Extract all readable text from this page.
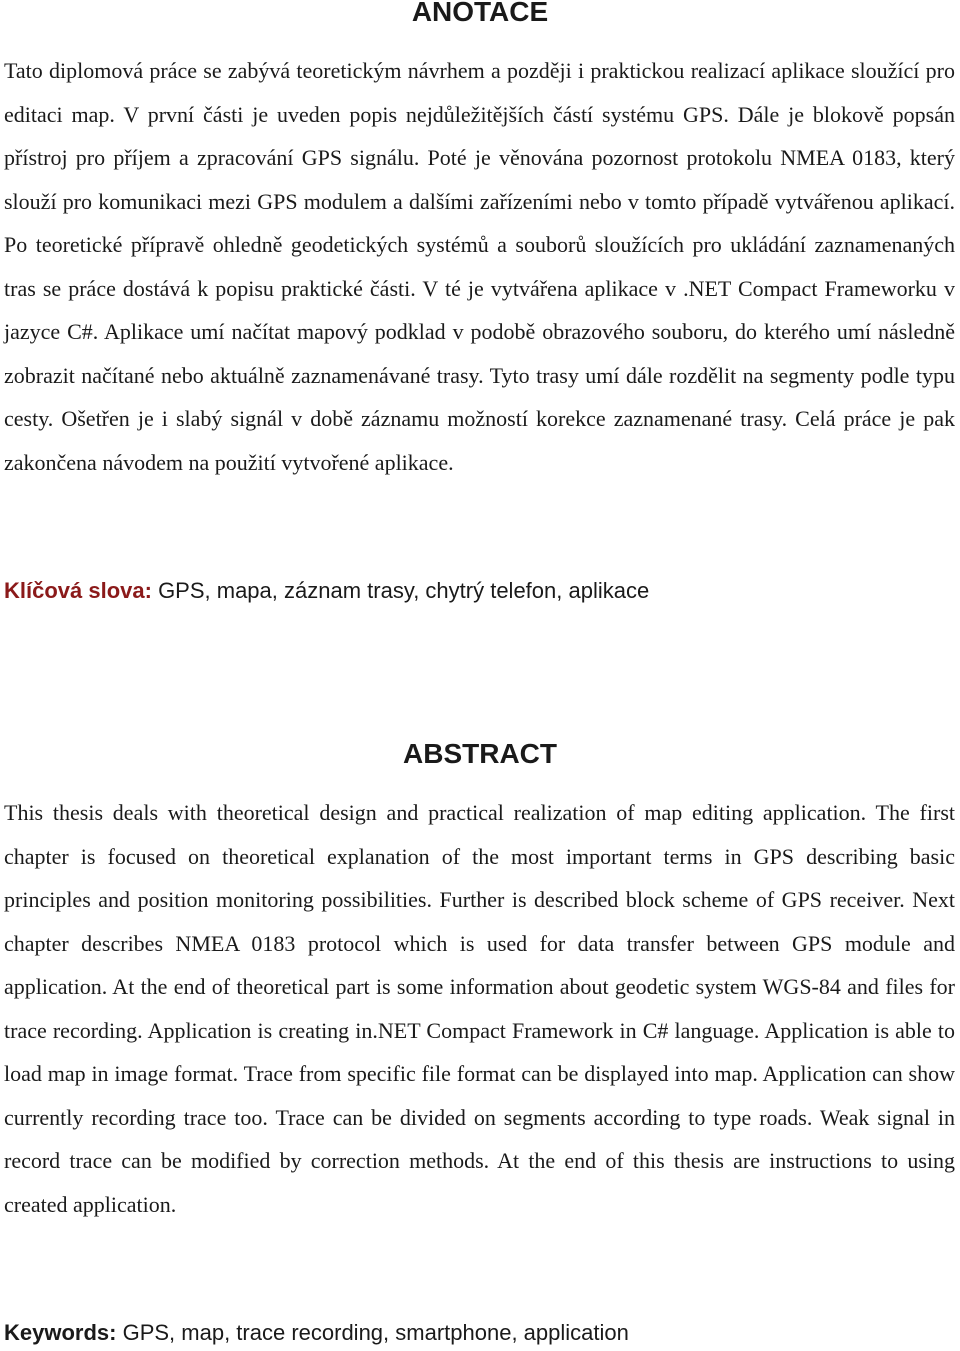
ANOTACE

Tato diplomová práce se zabývá teoretickým návrhem a později i praktickou realizací aplikace sloužící pro editaci map. V první části je uveden popis nejdůležitějších částí systému GPS. Dále je blokově popsán přístroj pro příjem a zpracování GPS signálu. Poté je věnována pozornost protokolu NMEA 0183, který slouží pro komunikaci mezi GPS modulem a dalšími zařízeními nebo v tomto případě vytvářenou aplikací. Po teoretické přípravě ohledně geodetických systémů a souborů sloužících pro ukládání zaznamenaných tras se práce dostává k popisu praktické části. V té je vytvářena aplikace v .NET Compact Frameworku v jazyce C#. Aplikace umí načítat mapový podklad v podobě obrazového souboru, do kterého umí následně zobrazit načítané nebo aktuálně zaznamenávané trasy. Tyto trasy umí dále rozdělit na segmenty podle typu cesty. Ošetřen je i slabý signál v době záznamu možností korekce zaznamenané trasy. Celá práce je pak zakončena návodem na použití vytvořené aplikace.

Klíčová slova: GPS, mapa, záznam trasy, chytrý telefon, aplikace

ABSTRACT

This thesis deals with theoretical design and practical realization of map editing application. The first chapter is focused on theoretical explanation of the most important terms in GPS describing basic principles and position monitoring possibilities. Further is described block scheme of GPS receiver. Next chapter describes NMEA 0183 protocol which is used for data transfer between GPS module and application. At the end of theoretical part is some information about geodetic system WGS-84 and files for trace recording. Application is creating in.NET Compact Framework in C# language. Application is able to load map in image format. Trace from specific file format can be displayed into map. Application can show currently recording trace too. Trace can be divided on segments according to type roads. Weak signal in record trace can be modified by correction methods. At the end of this thesis are instructions to using created application.

Keywords: GPS, map, trace recording, smartphone, application
